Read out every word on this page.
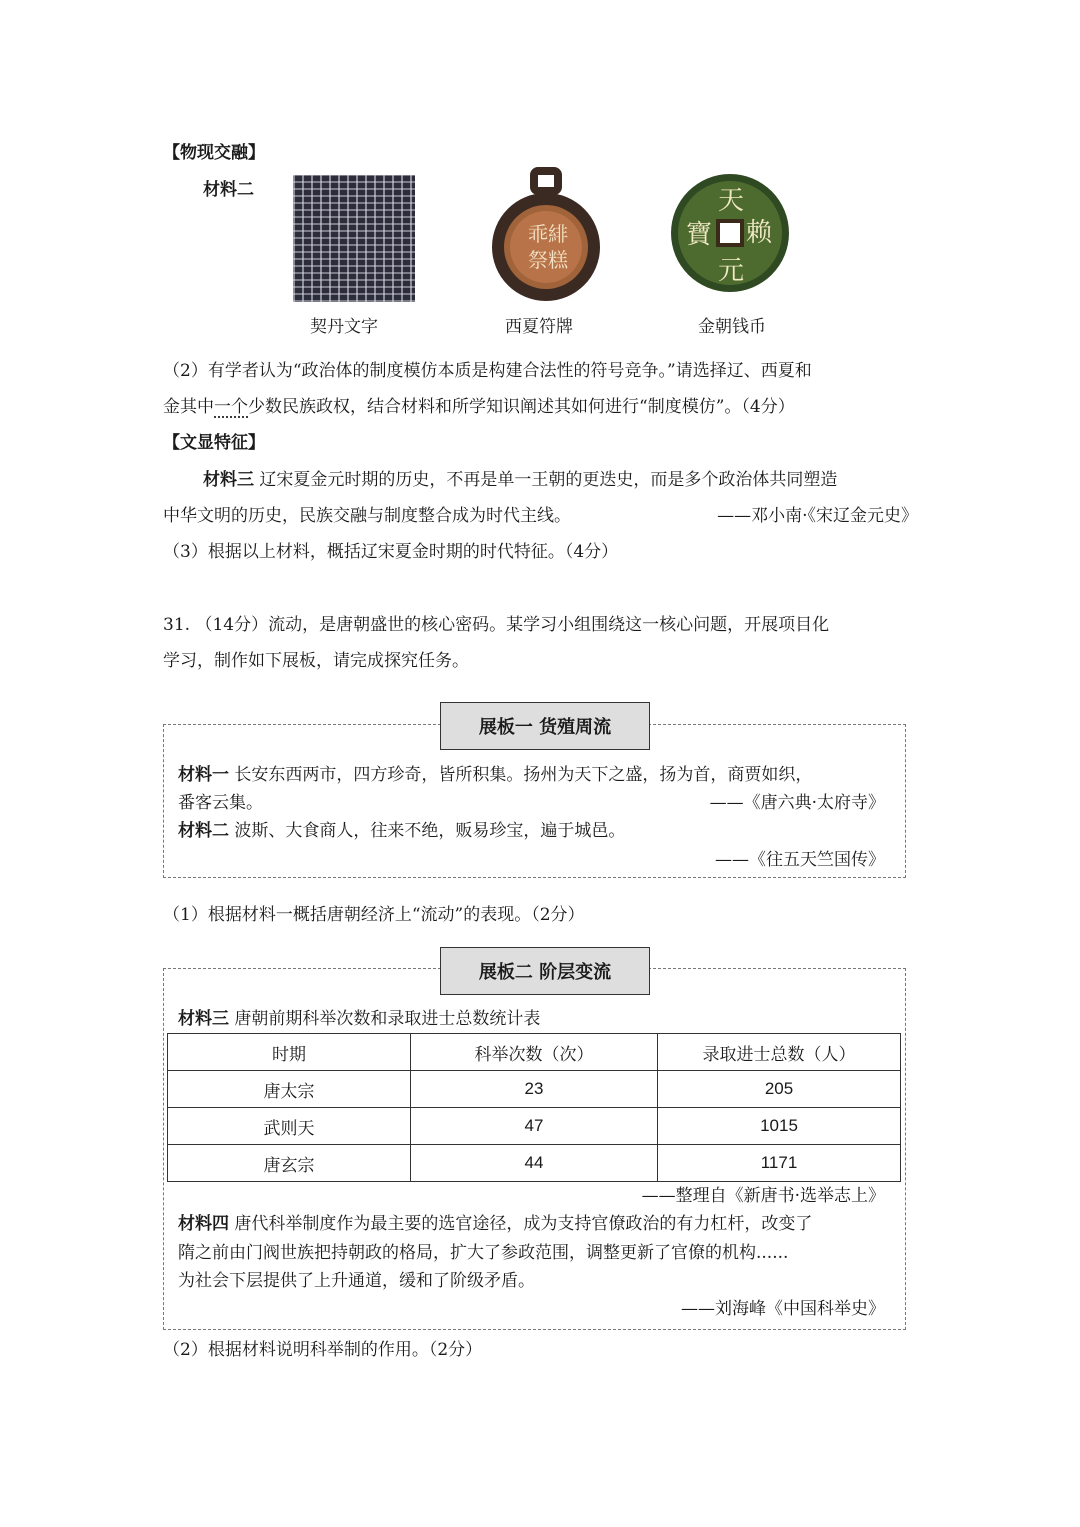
【物现交融】
材料二
乖 緋
祭 糕
天
赖
元
寶
契丹文字	西夏符牌	金朝钱币
（2）有学者认为“政治体的制度模仿本质是构建合法性的符号竞争。”请选择辽、西夏和
金其中一个少数民族政权，结合材料和所学知识阐述其如何进行“制度模仿”。（4分）
【文显特征】
材料三 辽宋夏金元时期的历史，不再是单一王朝的更迭史，而是多个政治体共同塑造
中华文明的历史，民族交融与制度整合成为时代主线。	——邓小南·《宋辽金元史》
（3）根据以上材料，概括辽宋夏金时期的时代特征。（4分）
31. （14分）流动，是唐朝盛世的核心密码。某学习小组围绕这一核心问题，开展项目化
学习，制作如下展板，请完成探究任务。
展板一 货殖周流
材料一 长安东西两市，四方珍奇，皆所积集。扬州为天下之盛，扬为首，商贾如织，
番客云集。	——《唐六典·太府寺》
材料二 波斯、大食商人，往来不绝，贩易珍宝，遍于城邑。
——《往五天竺国传》
（1）根据材料一概括唐朝经济上“流动”的表现。（2分）
展板二 阶层变流
材料三 唐朝前期科举次数和录取进士总数统计表
时期	科举次数（次）	录取进士总数（人）
唐太宗	23	205
武则天	47	1015
唐玄宗	44	1171
——整理自《新唐书·选举志上》
材料四 唐代科举制度作为最主要的选官途径，成为支持官僚政治的有力杠杆，改变了
隋之前由门阀世族把持朝政的格局，扩大了参政范围，调整更新了官僚的机构......
为社会下层提供了上升通道，缓和了阶级矛盾。
——刘海峰《中国科举史》
（2）根据材料说明科举制的作用。（2分）
